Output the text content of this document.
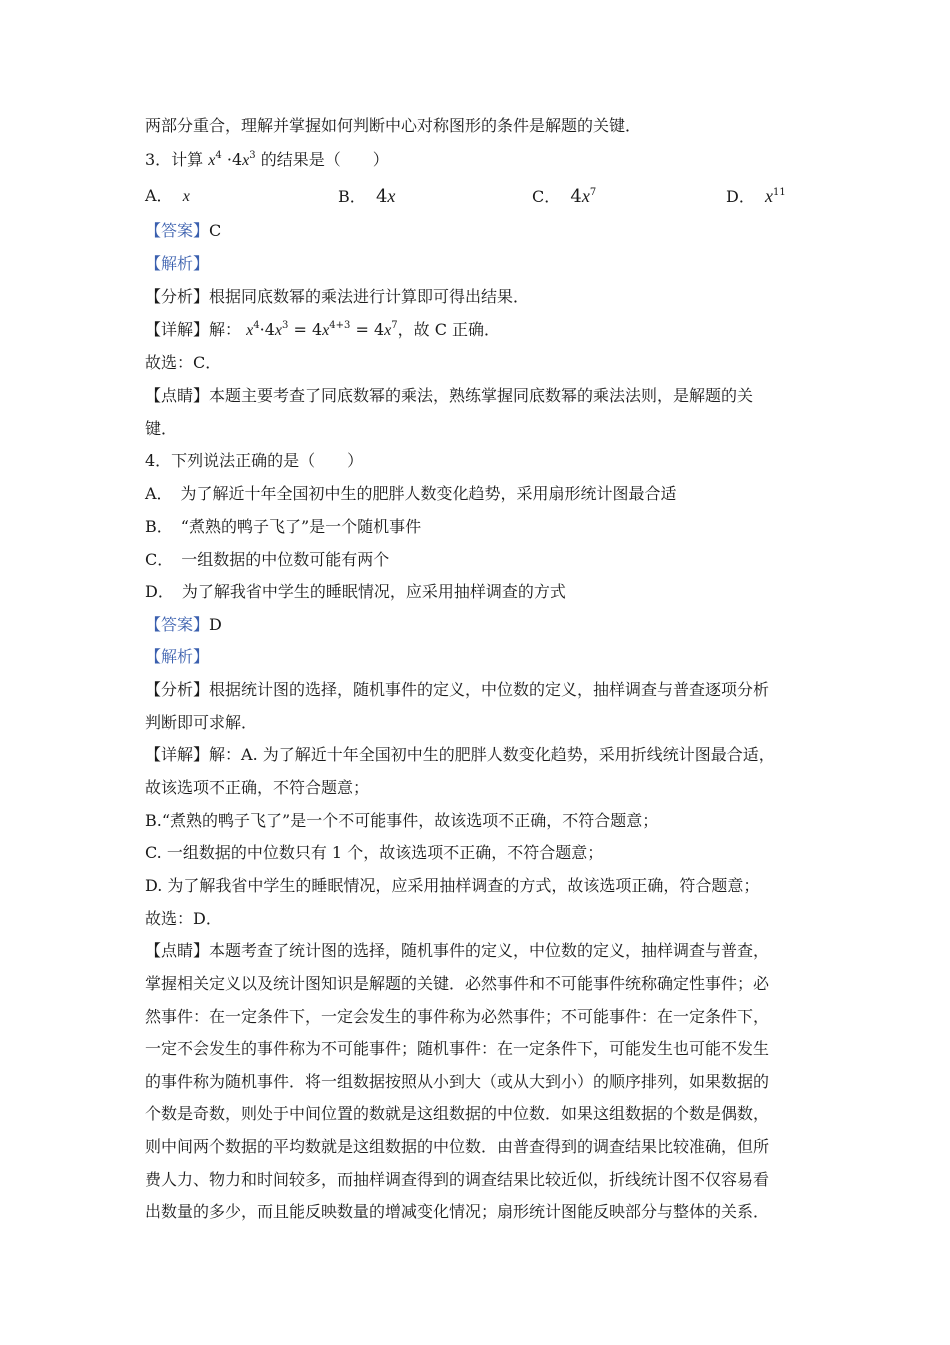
两部分重合，理解并掌握如何判断中心对称图形的条件是解题的关键．
3．计算 $x^4 \cdot 4x^3$ 的结果是（　　）
A． x	B． 4x	C． $4x^7$	D． $x^{11}$
【答案】C
【解析】
【分析】根据同底数幂的乘法进行计算即可得出结果．
【详解】解： $x^4\cdot 4x^3 = 4x^{4+3} = 4x^7$，故 C 正确．
故选：C．
【点睛】本题主要考查了同底数幂的乘法，熟练掌握同底数幂的乘法法则，是解题的关
键．
4．下列说法正确的是（　　）
A．　为了解近十年全国初中生的肥胖人数变化趋势，采用扇形统计图最合适
B．　“煮熟的鸭子飞了”是一个随机事件
C．　一组数据的中位数可能有两个
D．　为了解我省中学生的睡眠情况，应采用抽样调查的方式
【答案】D
【解析】
【分析】根据统计图的选择，随机事件的定义，中位数的定义，抽样调查与普查逐项分析
判断即可求解．
【详解】解：A. 为了解近十年全国初中生的肥胖人数变化趋势，采用折线统计图最合适，
故该选项不正确，不符合题意；
B.“煮熟的鸭子飞了”是一个不可能事件，故该选项不正确，不符合题意；
C. 一组数据的中位数只有 1 个，故该选项不正确，不符合题意；
D. 为了解我省中学生的睡眠情况，应采用抽样调查的方式，故该选项正确，符合题意；
故选：D．
【点睛】本题考查了统计图的选择，随机事件的定义，中位数的定义，抽样调查与普查，
掌握相关定义以及统计图知识是解题的关键．必然事件和不可能事件统称确定性事件；必
然事件：在一定条件下，一定会发生的事件称为必然事件；不可能事件：在一定条件下，
一定不会发生的事件称为不可能事件；随机事件：在一定条件下，可能发生也可能不发生
的事件称为随机事件．将一组数据按照从小到大（或从大到小）的顺序排列，如果数据的
个数是奇数，则处于中间位置的数就是这组数据的中位数．如果这组数据的个数是偶数，
则中间两个数据的平均数就是这组数据的中位数．由普查得到的调查结果比较准确，但所
费人力、物力和时间较多，而抽样调查得到的调查结果比较近似，折线统计图不仅容易看
出数量的多少，而且能反映数量的增减变化情况；扇形统计图能反映部分与整体的关系．
